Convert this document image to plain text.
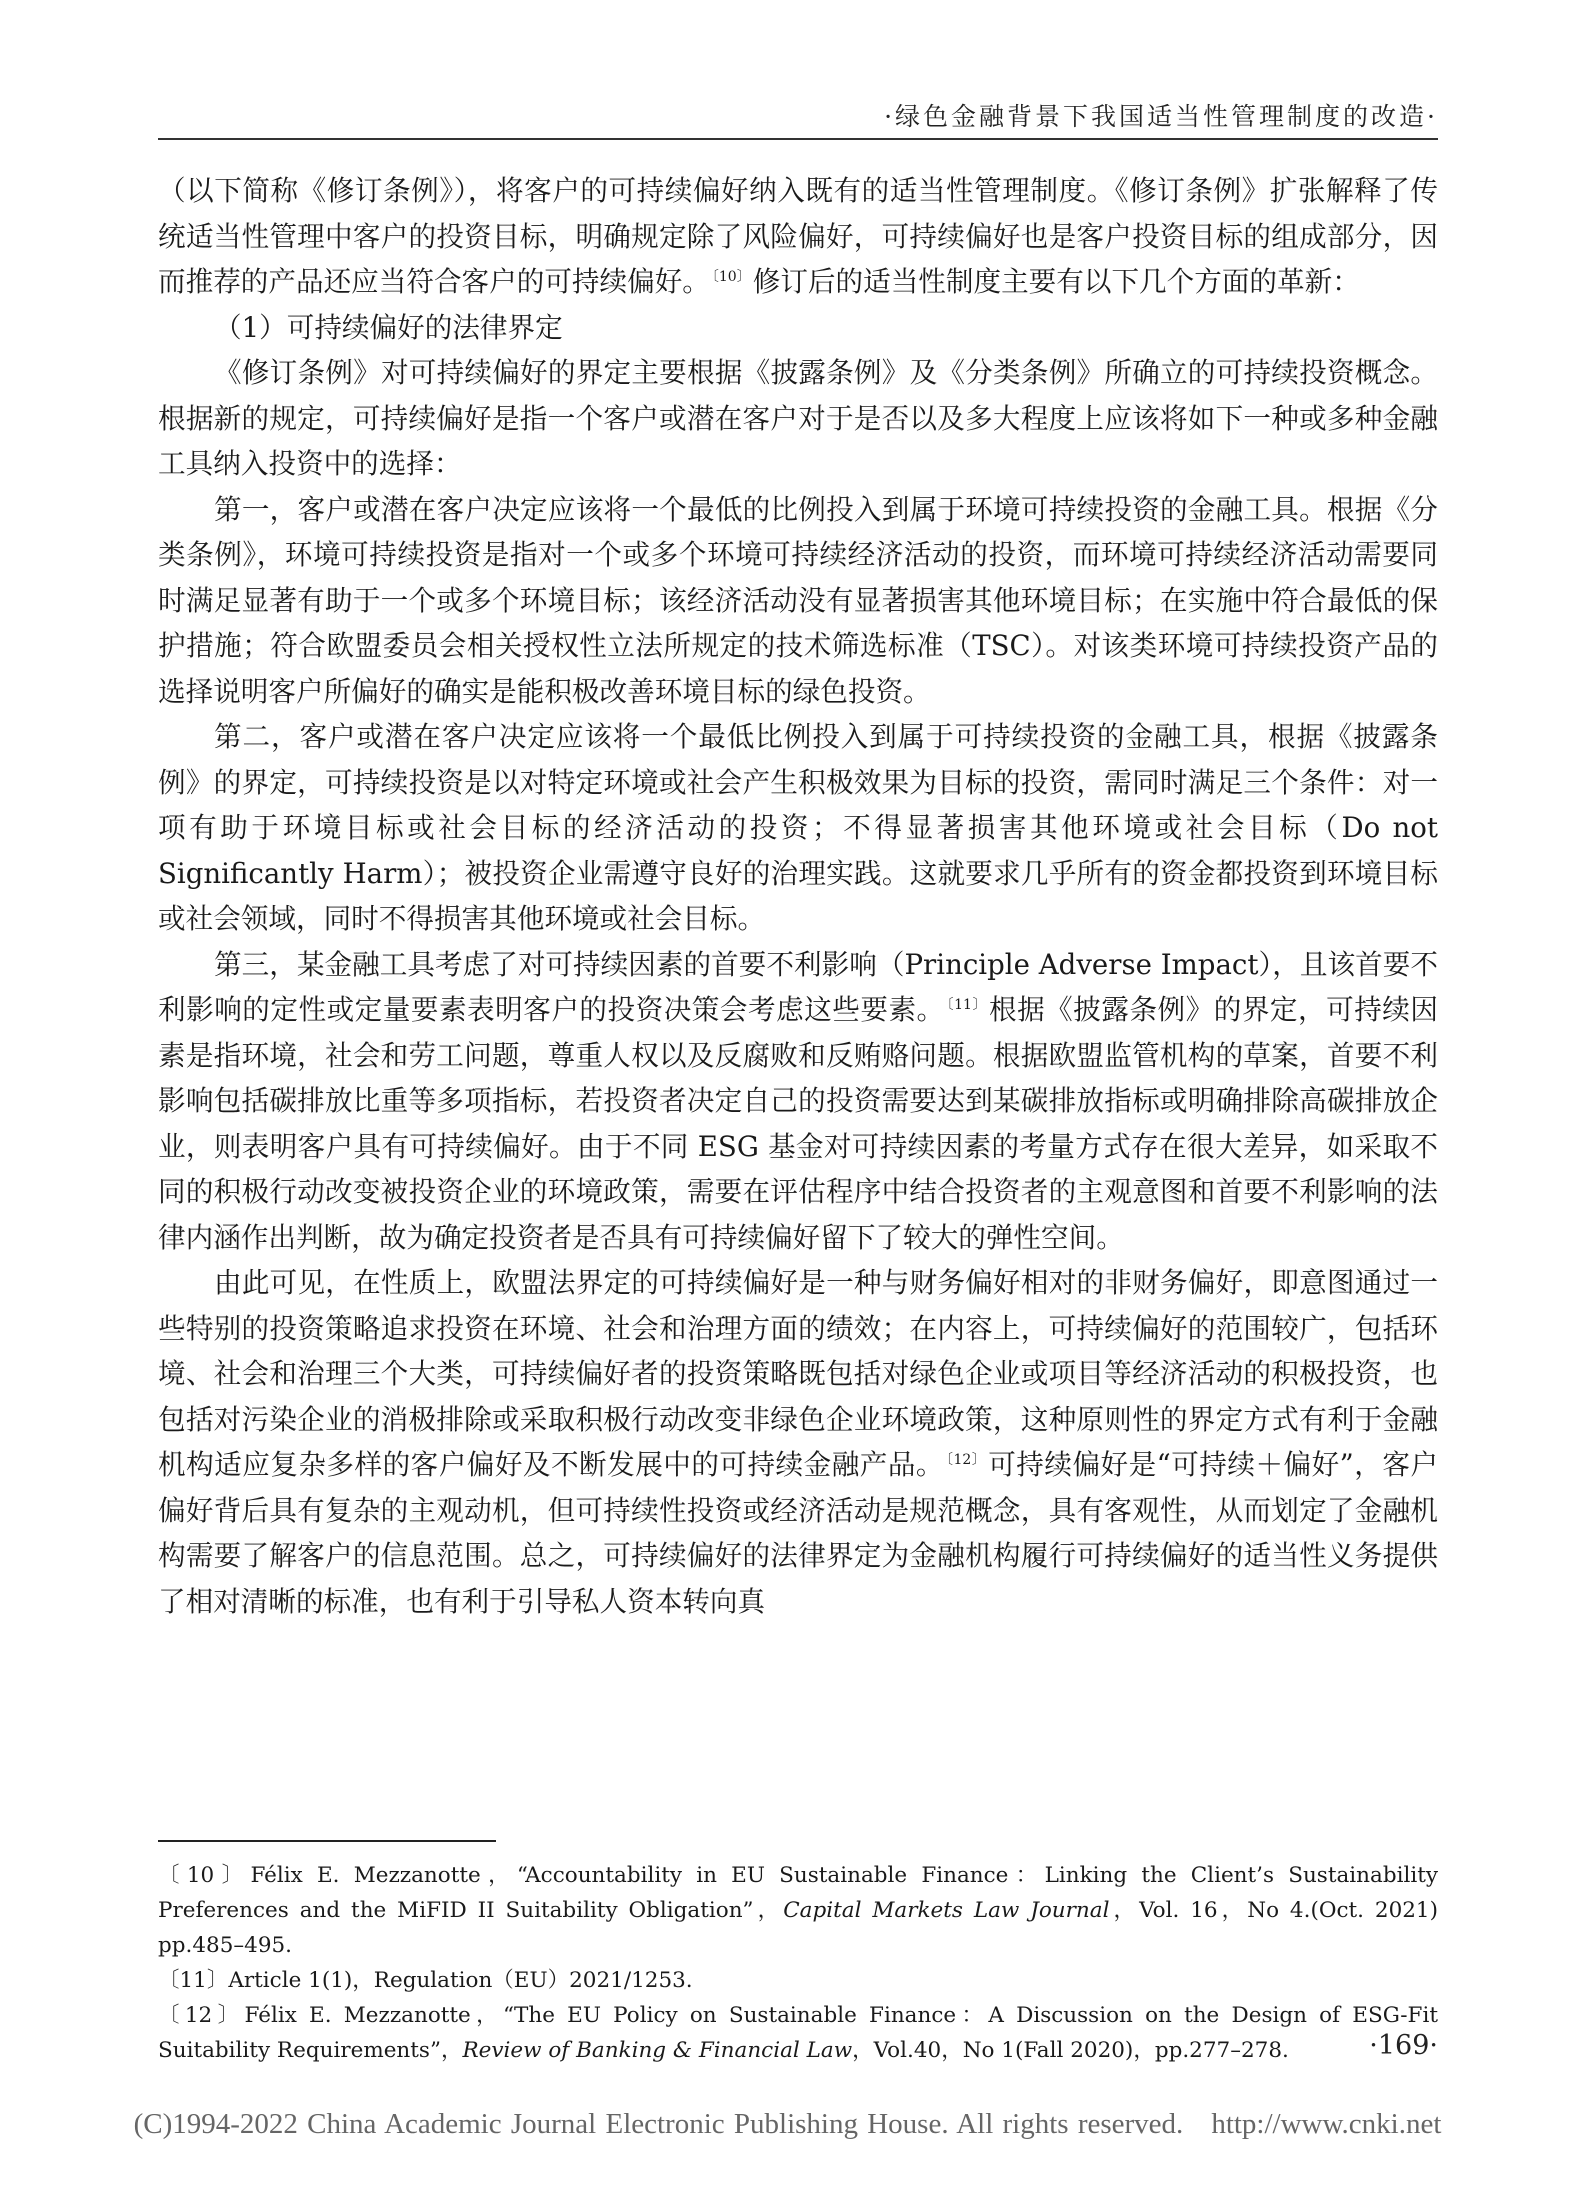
·绿色金融背景下我国适当性管理制度的改造·

（以下简称《修订条例》），将客户的可持续偏好纳入既有的适当性管理制度。《修订条例》扩张解释了传统适当性管理中客户的投资目标，明确规定除了风险偏好，可持续偏好也是客户投资目标的组成部分，因而推荐的产品还应当符合客户的可持续偏好。 $^{〔10〕}$修订后的适当性制度主要有以下几个方面的革新：

（1）可持续偏好的法律界定

《修订条例》对可持续偏好的界定主要根据《披露条例》及《分类条例》所确立的可持续投资概念。根据新的规定，可持续偏好是指一个客户或潜在客户对于是否以及多大程度上应该将如下一种或多种金融工具纳入投资中的选择：

第一，客户或潜在客户决定应该将一个最低的比例投入到属于环境可持续投资的金融工具。根据《分类条例》，环境可持续投资是指对一个或多个环境可持续经济活动的投资，而环境可持续经济活动需要同时满足显著有助于一个或多个环境目标；该经济活动没有显著损害其他环境目标；在实施中符合最低的保护措施；符合欧盟委员会相关授权性立法所规定的技术筛选标准（TSC）。对该类环境可持续投资产品的选择说明客户所偏好的确实是能积极改善环境目标的绿色投资。

第二，客户或潜在客户决定应该将一个最低比例投入到属于可持续投资的金融工具，根据《披露条例》的界定，可持续投资是以对特定环境或社会产生积极效果为目标的投资，需同时满足三个条件：对一项有助于环境目标或社会目标的经济活动的投资；不得显著损害其他环境或社会目标（Do not Significantly Harm）；被投资企业需遵守良好的治理实践。这就要求几乎所有的资金都投资到环境目标或社会领域，同时不得损害其他环境或社会目标。

第三，某金融工具考虑了对可持续因素的首要不利影响（Principle Adverse Impact），且该首要不利影响的定性或定量要素表明客户的投资决策会考虑这些要素。 $^{〔11〕}$根据《披露条例》的界定，可持续因素是指环境，社会和劳工问题，尊重人权以及反腐败和反贿赂问题。根据欧盟监管机构的草案，首要不利影响包括碳排放比重等多项指标，若投资者决定自己的投资需要达到某碳排放指标或明确排除高碳排放企业，则表明客户具有可持续偏好。由于不同 ESG 基金对可持续因素的考量方式存在很大差异，如采取不同的积极行动改变被投资企业的环境政策，需要在评估程序中结合投资者的主观意图和首要不利影响的法律内涵作出判断，故为确定投资者是否具有可持续偏好留下了较大的弹性空间。

由此可见，在性质上，欧盟法界定的可持续偏好是一种与财务偏好相对的非财务偏好，即意图通过一些特别的投资策略追求投资在环境、社会和治理方面的绩效；在内容上，可持续偏好的范围较广，包括环境、社会和治理三个大类，可持续偏好者的投资策略既包括对绿色企业或项目等经济活动的积极投资，也包括对污染企业的消极排除或采取积极行动改变非绿色企业环境政策，这种原则性的界定方式有利于金融机构适应复杂多样的客户偏好及不断发展中的可持续金融产品。 $^{〔12〕}$可持续偏好是“可持续＋偏好”，客户偏好背后具有复杂的主观动机，但可持续性投资或经济活动是规范概念，具有客观性，从而划定了金融机构需要了解客户的信息范围。总之，可持续偏好的法律界定为金融机构履行可持续偏好的适当性义务提供了相对清晰的标准，也有利于引导私人资本转向真

〔10〕Félix E. Mezzanotte，“Accountability in EU Sustainable Finance：Linking the Client’s Sustainability Preferences and the MiFID II Suitability Obligation”，Capital Markets Law Journal，Vol. 16，No 4.(Oct. 2021) pp.485–495.

〔11〕Article 1(1)，Regulation（EU）2021/1253.

〔12〕Félix E. Mezzanotte，“The EU Policy on Sustainable Finance：A Discussion on the Design of ESG-Fit Suitability Requirements”，Review of Banking & Financial Law，Vol.40，No 1(Fall 2020)，pp.277–278.	·169·
(C)1994-2022 China Academic Journal Electronic Publishing House. All rights reserved. http://www.cnki.net
